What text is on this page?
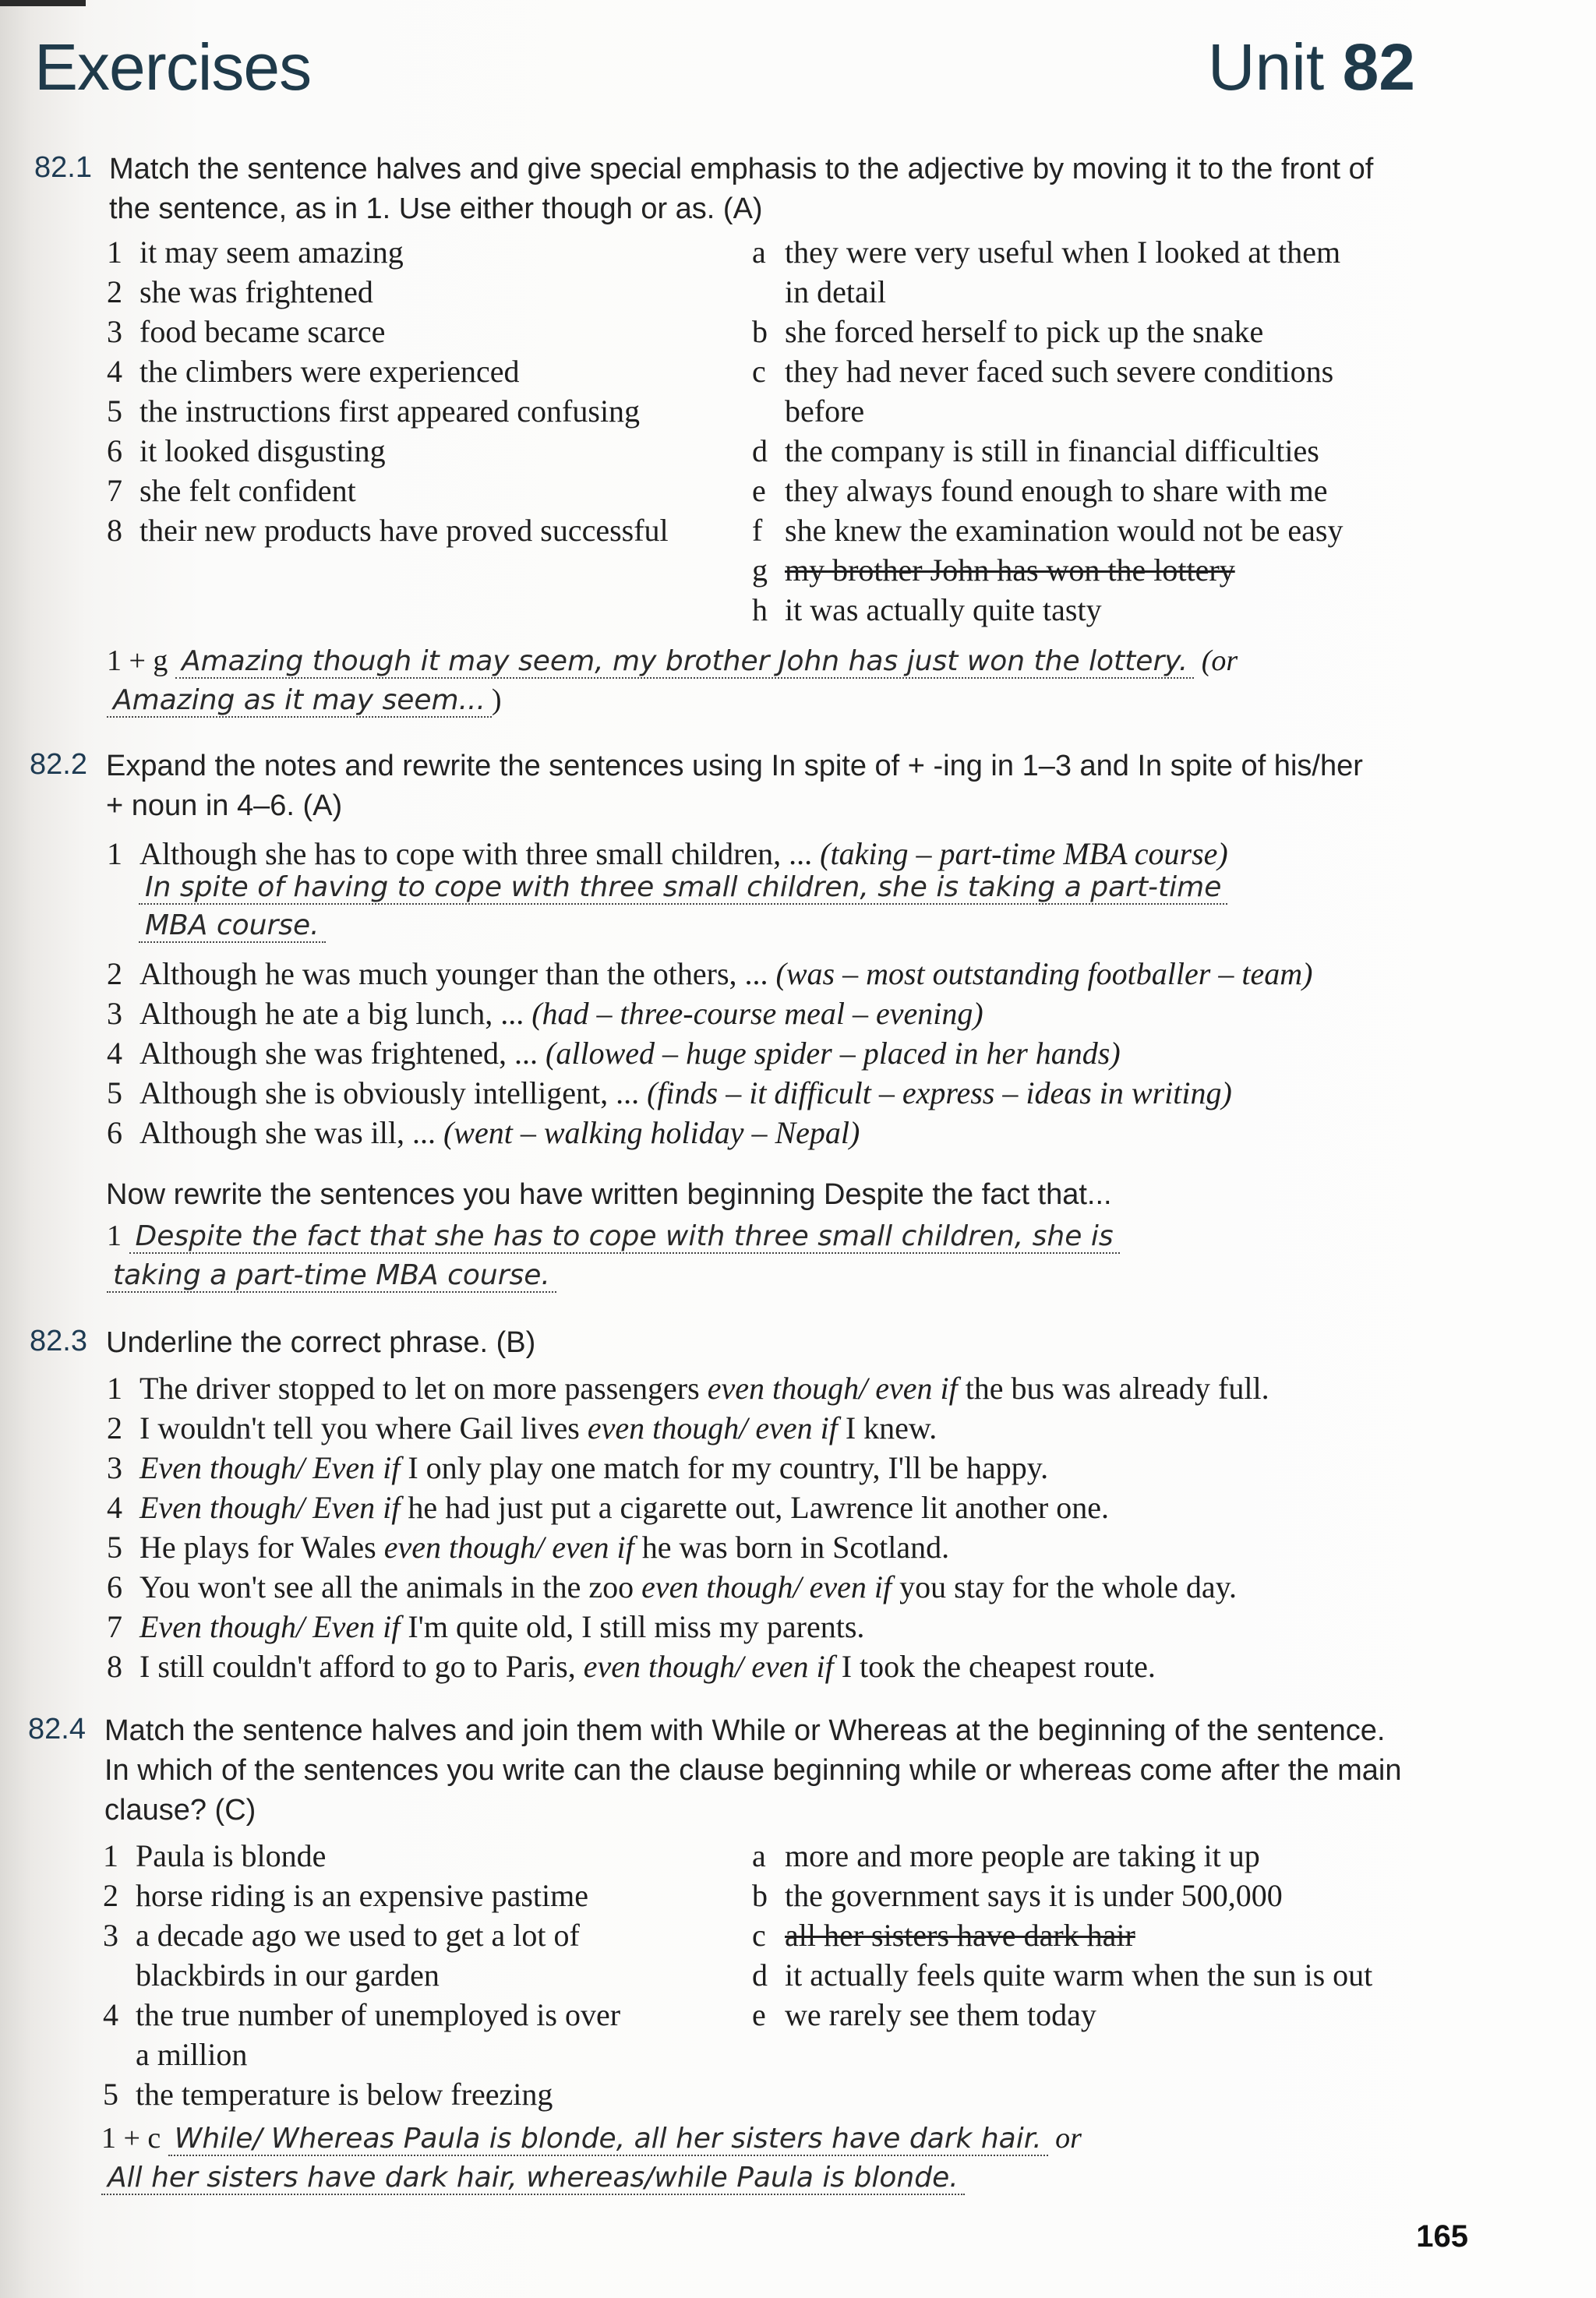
Exercises	Unit 82
82.1 Match the sentence halves and give special emphasis to the adjective by moving it to the front of the sentence, as in 1. Use either though or as. (A)
1 it may seem amazing
2 she was frightened
3 food became scarce
4 the climbers were experienced
5 the instructions first appeared confusing
6 it looked disgusting
7 she felt confident
8 their new products have proved successful
a they were very useful when I looked at them
in detail
b she forced herself to pick up the snake
c they had never faced such severe conditions
before
d the company is still in financial difficulties
e they always found enough to share with me
f she knew the examination would not be easy
g my brother John has won the lottery
h it was actually quite tasty
1 + g Amazing though it may seem, my brother John has just won the lottery. (or
Amazing as it may seem... )
82.2 Expand the notes and rewrite the sentences using In spite of + -ing in 1–3 and In spite of his/her + noun in 4–6. (A)
1 Although she has to cope with three small children, ... (taking – part-time MBA course)
In spite of having to cope with three small children, she is taking a part-time
MBA course.
2 Although he was much younger than the others, ... (was – most outstanding footballer – team)
3 Although he ate a big lunch, ... (had – three-course meal – evening)
4 Although she was frightened, ... (allowed – huge spider – placed in her hands)
5 Although she is obviously intelligent, ... (finds – it difficult – express – ideas in writing)
6 Although she was ill, ... (went – walking holiday – Nepal)
Now rewrite the sentences you have written beginning Despite the fact that...
1 Despite the fact that she has to cope with three small children, she is
taking a part-time MBA course.
82.3 Underline the correct phrase. (B)
1 The driver stopped to let on more passengers even though/ even if the bus was already full.
2 I wouldn't tell you where Gail lives even though/ even if I knew.
3 Even though/ Even if I only play one match for my country, I'll be happy.
4 Even though/ Even if he had just put a cigarette out, Lawrence lit another one.
5 He plays for Wales even though/ even if he was born in Scotland.
6 You won't see all the animals in the zoo even though/ even if you stay for the whole day.
7 Even though/ Even if I'm quite old, I still miss my parents.
8 I still couldn't afford to go to Paris, even though/ even if I took the cheapest route.
82.4 Match the sentence halves and join them with While or Whereas at the beginning of the sentence. In which of the sentences you write can the clause beginning while or whereas come after the main clause? (C)
1 Paula is blonde
2 horse riding is an expensive pastime
3 a decade ago we used to get a lot of
blackbirds in our garden
4 the true number of unemployed is over
a million
5 the temperature is below freezing
a more and more people are taking it up
b the government says it is under 500,000
c all her sisters have dark hair
d it actually feels quite warm when the sun is out
e we rarely see them today
1 + c While/ Whereas Paula is blonde, all her sisters have dark hair. or
All her sisters have dark hair, whereas/while Paula is blonde.
165
